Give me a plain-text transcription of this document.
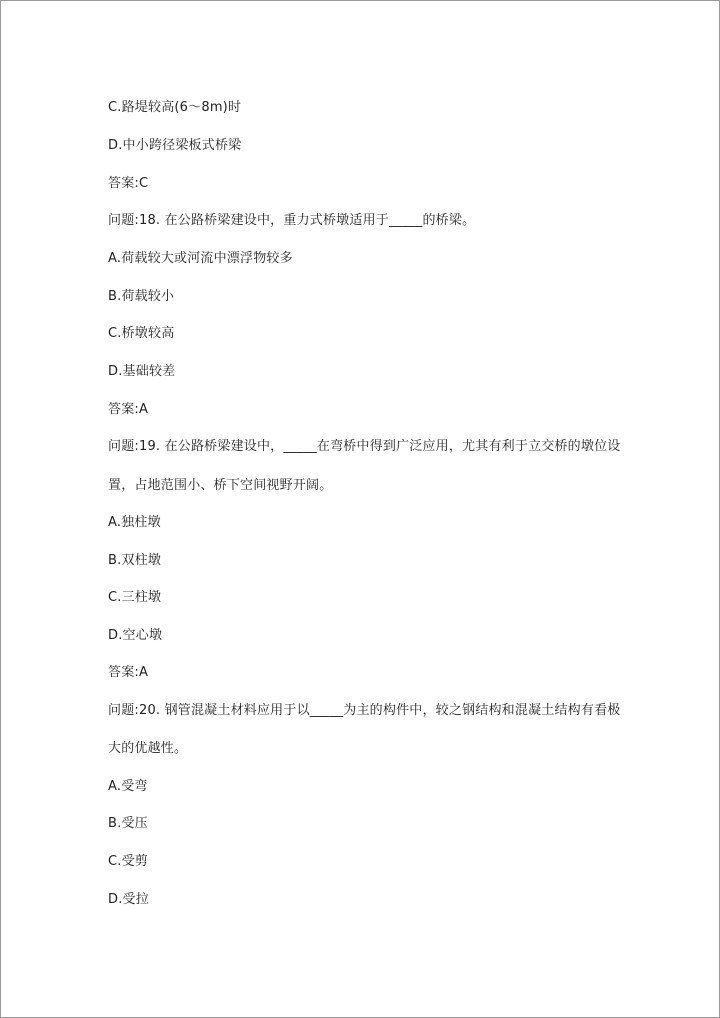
C.路堤较高(6～8m)时
D.中小跨径梁板式桥梁
答案:C
问题:18. 在公路桥梁建设中，重力式桥墩适用于_____的桥梁。
A.荷载较大或河流中漂浮物较多
B.荷载较小
C.桥墩较高
D.基础较差
答案:A
问题:19. 在公路桥梁建设中，_____在弯桥中得到广泛应用，尤其有利于立交桥的墩位设
置，占地范围小、桥下空间视野开阔。
A.独柱墩
B.双柱墩
C.三柱墩
D.空心墩
答案:A
问题:20. 钢管混凝土材料应用于以_____为主的构件中，较之钢结构和混凝土结构有看极
大的优越性。
A.受弯
B.受压
C.受剪
D.受拉
